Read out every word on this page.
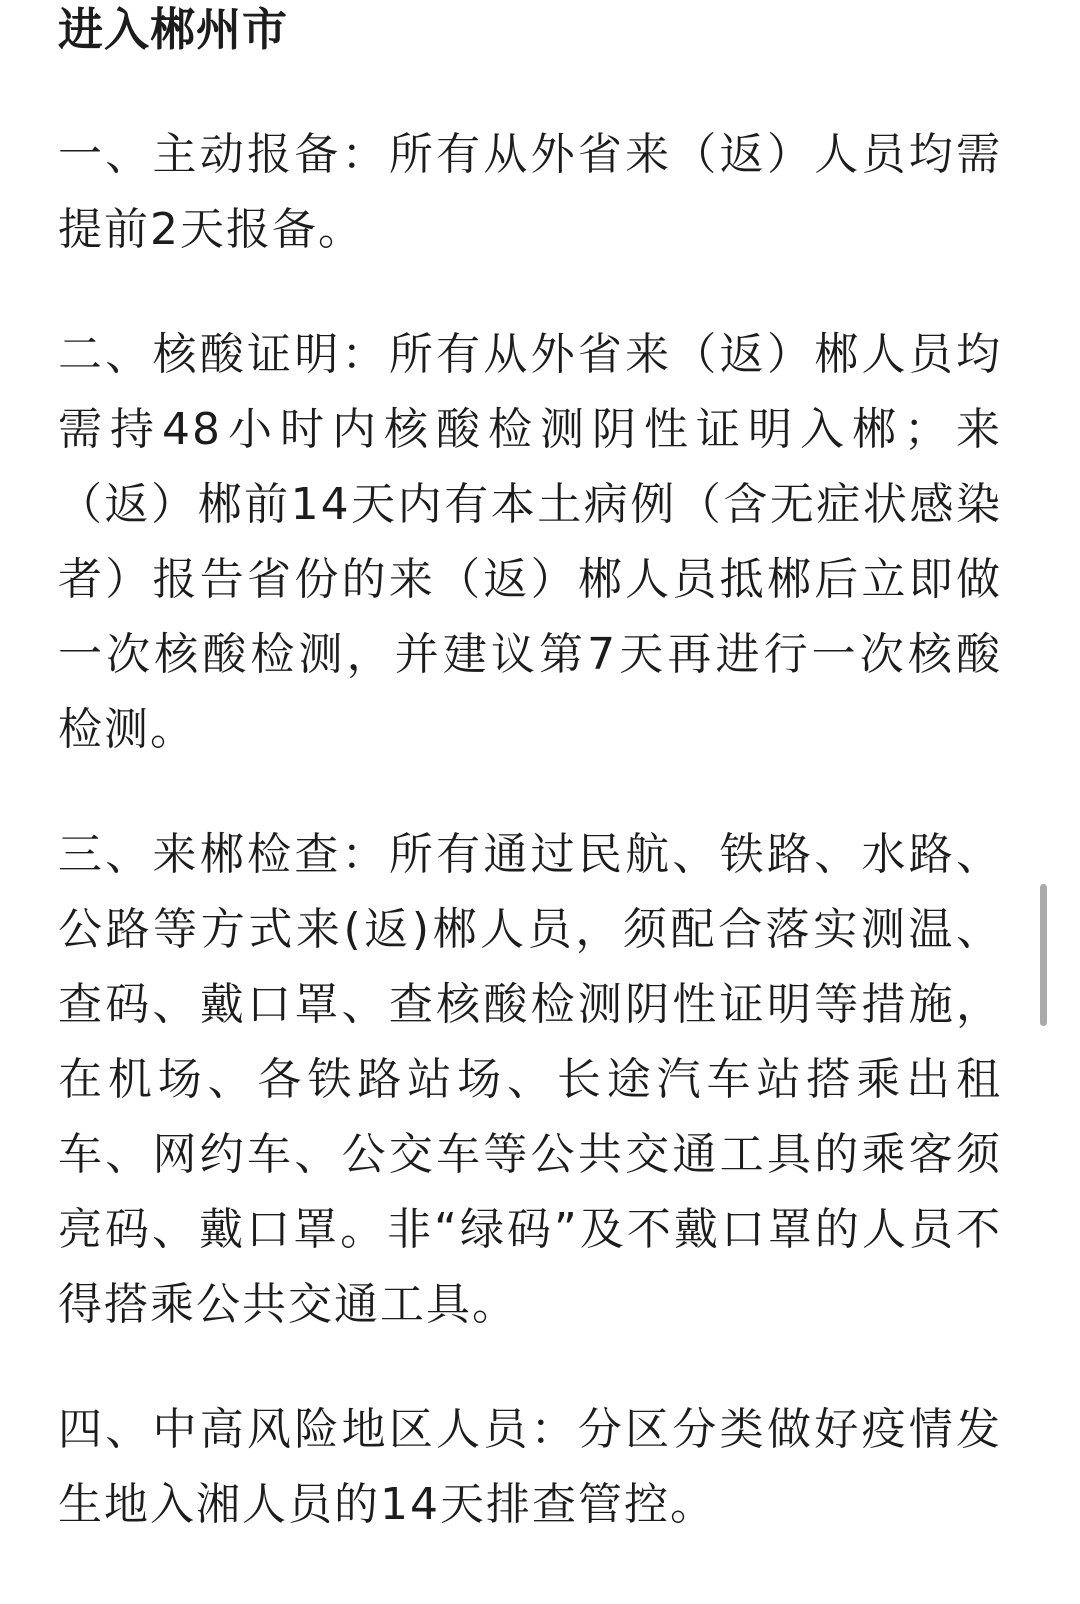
进入郴州市
一、主动报备：所有从外省来（返）人员均需
提前2天报备。
二、核酸证明：所有从外省来（返）郴人员均
需持48小时内核酸检测阴性证明入郴；来
（返）郴前14天内有本土病例（含无症状感染
者）报告省份的来（返）郴人员抵郴后立即做
一次核酸检测，并建议第7天再进行一次核酸
检测。
三、来郴检查：所有通过民航、铁路、水路、
公路等方式来(返)郴人员，须配合落实测温、
查码、戴口罩、查核酸检测阴性证明等措施，
在机场、各铁路站场、长途汽车站搭乘出租
车、网约车、公交车等公共交通工具的乘客须
亮码、戴口罩。非“绿码”及不戴口罩的人员不
得搭乘公共交通工具。
四、中高风险地区人员：分区分类做好疫情发
生地入湘人员的14天排查管控。
